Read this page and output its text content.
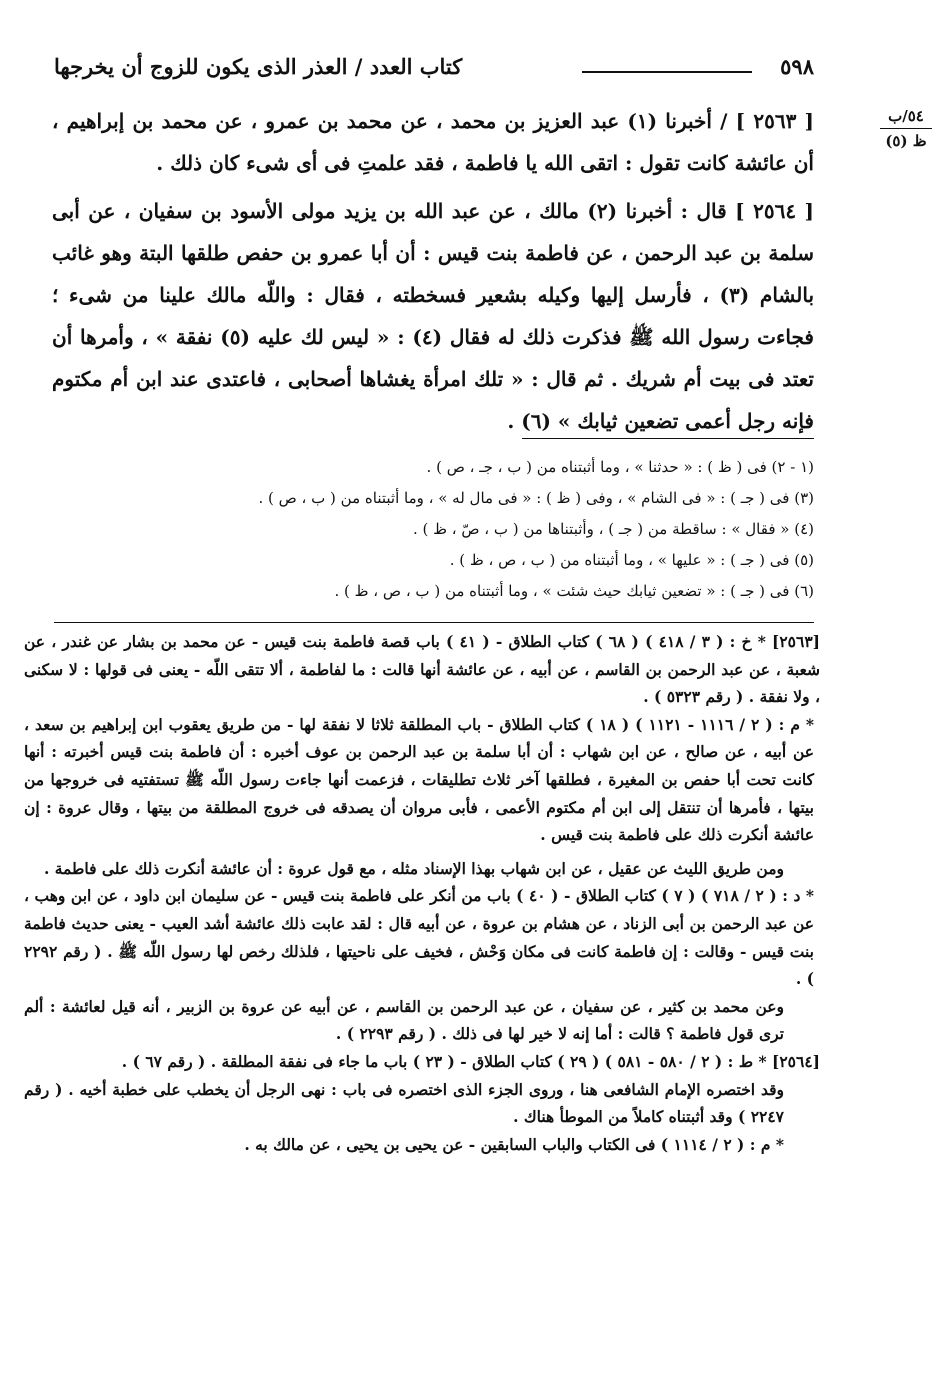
٥٩٨
كتاب العدد / العذر الذى يكون للزوج أن يخرجها
٥٤/ب
ظ (٥)

[ ٢٥٦٣ ] / أخبرنا (١) عبد العزيز بن محمد ، عن محمد بن عمرو ، عن محمد بن إبراهيم ، أن عائشة كانت تقول : اتقى الله يا فاطمة ، فقد علمتِ فى أى شىء كان ذلك .

[ ٢٥٦٤ ] قال : أخبرنا (٢) مالك ، عن عبد الله بن يزيد مولى الأسود بن سفيان ، عن أبى سلمة بن عبد الرحمن ، عن فاطمة بنت قيس : أن أبا عمرو بن حفص طلقها البتة وهو غائب بالشام (٣) ، فأرسل إليها وكيله بشعير فسخطته ، فقال : واللّه مالك علينا من شىء ؛ فجاءت رسول الله ﷺ فذكرت ذلك له فقال (٤) : « ليس لك عليه (٥) نفقة » ، وأمرها أن تعتد فى بيت أم شريك . ثم قال : « تلك امرأة يغشاها أصحابى ، فاعتدى عند ابن أم مكتوم فإنه رجل أعمى تضعين ثيابك » (٦) .

(١ - ٢) فى ( ظ ) : « حدثنا » ، وما أثبتناه من ( ب ، جـ ، ص ) .

(٣) فى ( جـ ) : « فى الشام » ، وفى ( ظ ) : « فى مال له » ، وما أثبتناه من ( ب ، ص ) .

(٤) « فقال » : ساقطة من ( جـ ) ، وأثبتناها من ( ب ، صّ ، ظ ) .

(٥) فى ( جـ ) : « عليها » ، وما أثبتناه من ( ب ، ص ، ظ ) .

(٦) فى ( جـ ) : « تضعين ثيابك حيث شئت » ، وما أثبتناه من ( ب ، ص ، ظ ) .

[٢٥٦٣] * خ : ( ٣ / ٤١٨ ) ( ٦٨ ) كتاب الطلاق - ( ٤١ ) باب قصة فاطمة بنت قيس - عن محمد بن بشار عن غندر ، عن شعبة ، عن عبد الرحمن بن القاسم ، عن أبيه ، عن عائشة أنها قالت : ما لفاطمة ، ألا تتقى اللّه - يعنى فى قولها : لا سكنى ، ولا نفقة . ( رقم ٥٣٢٣ ) .

* م : ( ٢ / ١١١٦ - ١١٢١ ) ( ١٨ ) كتاب الطلاق - باب المطلقة ثلاثا لا نفقة لها - من طريق يعقوب ابن إبراهيم بن سعد ، عن أبيه ، عن صالح ، عن ابن شهاب : أن أبا سلمة بن عبد الرحمن بن عوف أخبره : أن فاطمة بنت قيس أخبرته : أنها كانت تحت أبا حفص بن المغيرة ، فطلقها آخر ثلاث تطليقات ، فزعمت أنها جاءت رسول اللّه ﷺ تستفتيه فى خروجها من بيتها ، فأمرها أن تنتقل إلى ابن أم مكتوم الأعمى ، فأبى مروان أن يصدقه فى خروج المطلقة من بيتها ، وقال عروة : إن عائشة أنكرت ذلك على فاطمة بنت قيس .

ومن طريق الليث عن عقيل ، عن ابن شهاب بهذا الإسناد مثله ، مع قول عروة : أن عائشة أنكرت ذلك على فاطمة .

* د : ( ٢ / ٧١٨ ) ( ٧ ) كتاب الطلاق - ( ٤٠ ) باب من أنكر على فاطمة بنت قيس - عن سليمان ابن داود ، عن ابن وهب ، عن عبد الرحمن بن أبى الزناد ، عن هشام بن عروة ، عن أبيه قال : لقد عابت ذلك عائشة أشد العيب - يعنى حديث فاطمة بنت قيس - وقالت : إن فاطمة كانت فى مكان وَحْش ، فخيف على ناحيتها ، فلذلك رخص لها رسول اللّه ﷺ . ( رقم ٢٢٩٢ ) .

وعن محمد بن كثير ، عن سفيان ، عن عبد الرحمن بن القاسم ، عن أبيه عن عروة بن الزبير ، أنه قيل لعائشة : ألم ترى قول فاطمة ؟ قالت : أما إنه لا خير لها فى ذلك . ( رقم ٢٢٩٣ ) .

[٢٥٦٤] * ط : ( ٢ / ٥٨٠ - ٥٨١ ) ( ٢٩ ) كتاب الطلاق - ( ٢٣ ) باب ما جاء فى نفقة المطلقة . ( رقم ٦٧ ) .

وقد اختصره الإمام الشافعى هنا ، وروى الجزء الذى اختصره فى باب : نهى الرجل أن يخطب على خطبة أخيه . ( رقم ٢٢٤٧ ) وقد أثبتناه كاملاً من الموطأ هناك .

* م : ( ٢ / ١١١٤ ) فى الكتاب والباب السابقين - عن يحيى بن يحيى ، عن مالك به .
